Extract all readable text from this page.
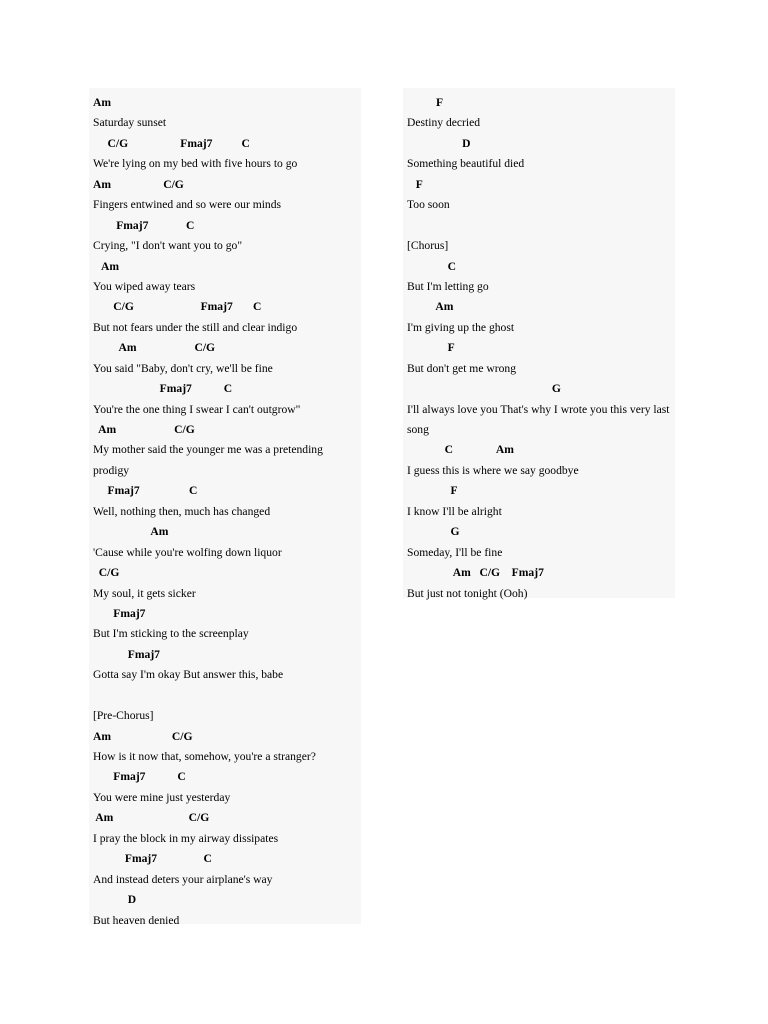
Am
Saturday sunset
C/G                  Fmaj7          C
We're lying on my bed with five hours to go
Am                  C/G
Fingers entwined and so were our minds
Fmaj7             C
Crying, "I don't want you to go"
Am
You wiped away tears
C/G                       Fmaj7       C
But not fears under the still and clear indigo
Am                    C/G
You said "Baby, don't cry, we'll be fine
Fmaj7           C
You're the one thing I swear I can't outgrow"
Am                    C/G
My mother said the younger me was a pretending
prodigy
Fmaj7                 C
Well, nothing then, much has changed
Am
'Cause while you're wolfing down liquor
C/G
My soul, it gets sicker
Fmaj7
But I'm sticking to the screenplay
Fmaj7
Gotta say I'm okay But answer this, babe
[Pre-Chorus]
Am                     C/G
How is it now that, somehow, you're a stranger?
Fmaj7           C
You were mine just yesterday
Am                          C/G
I pray the block in my airway dissipates
Fmaj7                C
And instead deters your airplane's way
D
But heaven denied
F
Destiny decried
D
Something beautiful died
F
Too soon
[Chorus]
C
But I'm letting go
Am
I'm giving up the ghost
F
But don't get me wrong
G
I'll always love you That's why I wrote you this very last
song
C               Am
I guess this is where we say goodbye
F
I know I'll be alright
G
Someday, I'll be fine
Am   C/G    Fmaj7
But just not tonight (Ooh)
